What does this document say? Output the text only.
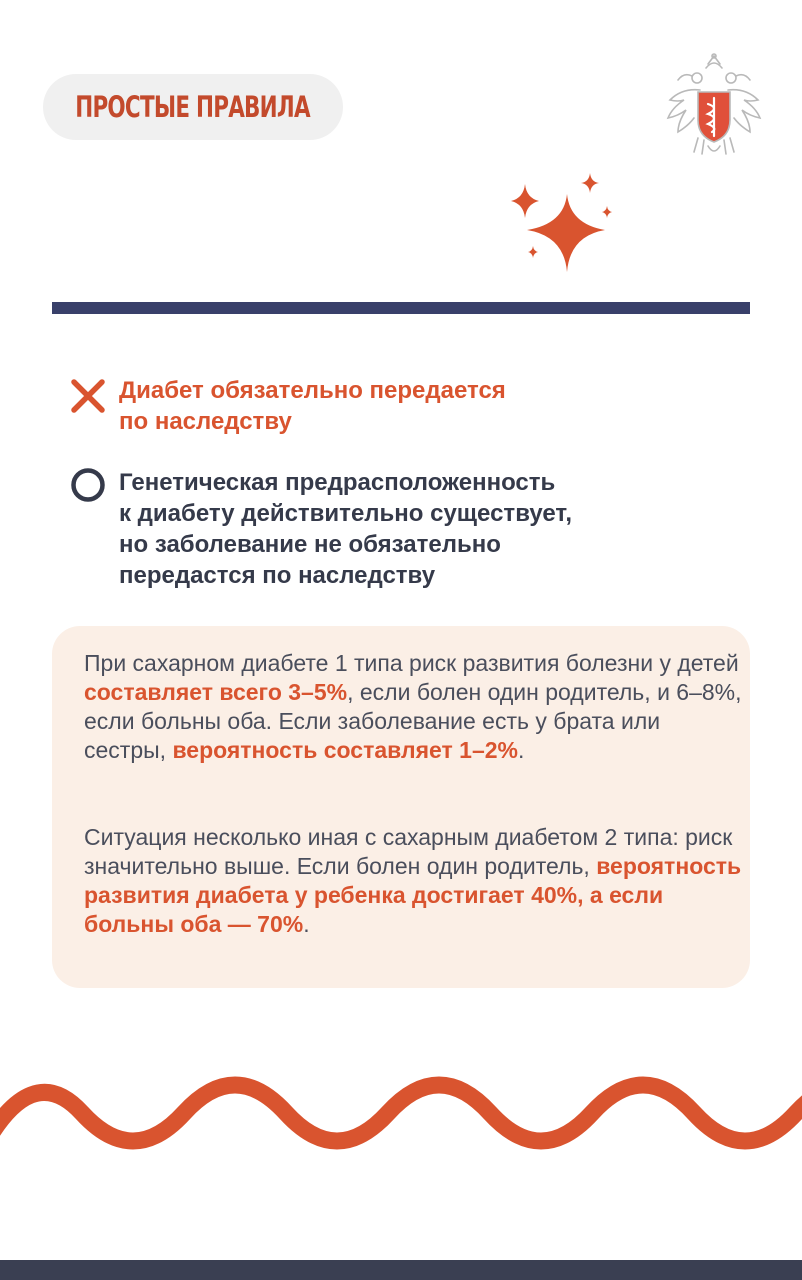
ПРОСТЫЕ ПРАВИЛА
Диабет обязательно передается
по наследству
Генетическая предрасположенность
к диабету действительно существует,
но заболевание не обязательно
передастся по наследству
При сахарном диабете 1 типа риск развития болезни у детей составляет всего 3–5%, если болен один родитель, и 6–8%, если больны оба. Если заболевание есть у брата или сестры, вероятность составляет 1–2%.
Ситуация несколько иная с сахарным диабетом 2 типа: риск значительно выше. Если болен один родитель, вероятность развития диабета у ребенка достигает 40%, а если больны оба — 70%.
